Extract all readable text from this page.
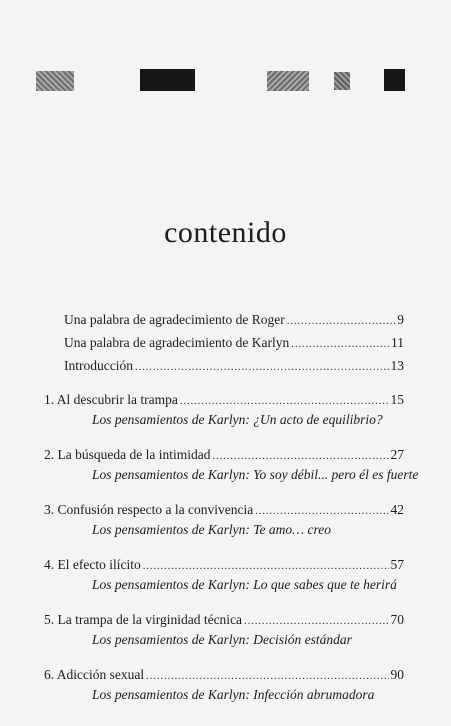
contenido
Una palabra de agradecimiento de Roger .....	9
Una palabra de agradecimiento de Karlyn .....	11
Introducción .....	13
1. Al descubrir la trampa .....	15
Los pensamientos de Karlyn: ¿Un acto de equilibrio?
2. La búsqueda de la intimidad .....	27
Los pensamientos de Karlyn: Yo soy débil... pero él es fuerte
3. Confusión respecto a la convivencia .....	42
Los pensamientos de Karlyn: Te amo… creo
4. El efecto ilícito .....	57
Los pensamientos de Karlyn: Lo que sabes que te herirá
5. La trampa de la virginidad técnica .....	70
Los pensamientos de Karlyn: Decisión estándar
6. Adicción sexual .....	90
Los pensamientos de Karlyn: Infección abrumadora
